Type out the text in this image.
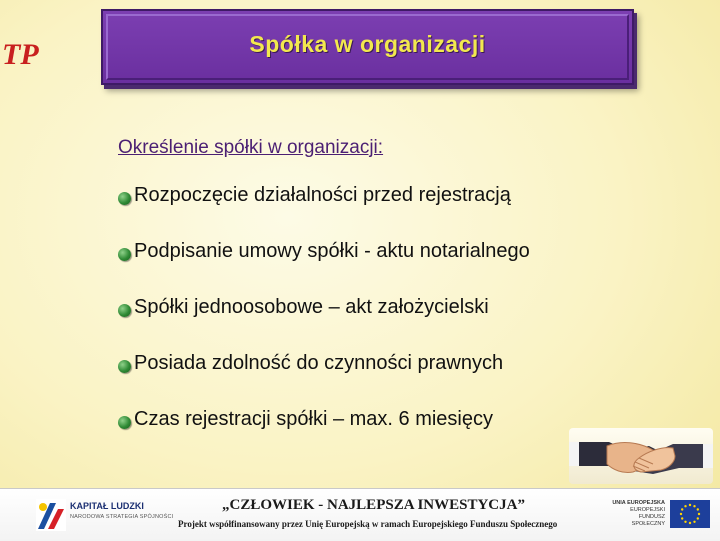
TP	Spółka w organizacji
Określenie spółki w organizacji:
Rozpoczęcie działalności przed rejestracją
Podpisanie umowy spółki - aktu notarialnego
Spółki jednoosobowe – akt założycielski
Posiada zdolność do czynności prawnych
Czas rejestracji spółki – max. 6 miesięcy
KAPITAŁ LUDZKI
NARODOWA STRATEGIA SPÓJNOŚCI
„CZŁOWIEK - NAJLEPSZA INWESTYCJA”
Projekt współfinansowany przez Unię Europejską w ramach Europejskiego Funduszu Społecznego
UNIA EUROPEJSKA
EUROPEJSKI
FUNDUSZ SPOŁECZNY
